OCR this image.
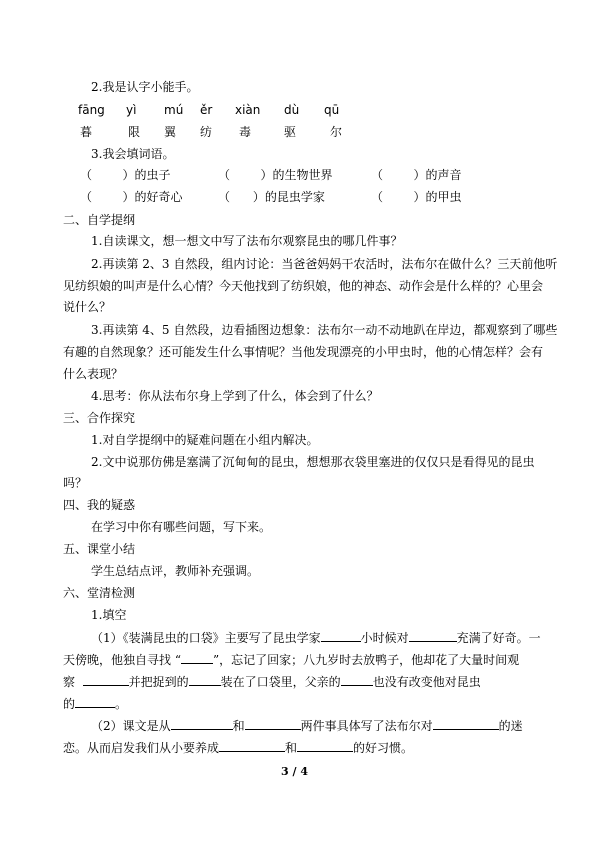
2.我是认字小能手。
fāng yì mú ěr xiàn dù qū
暮	限 翼 纺 毒	驱	尔
3.我会填词语。
（        ）的虫子	（        ）的生物世界	（        ）的声音
（        ）的好奇心	（      ）的昆虫学家	（        ）的甲虫
二、自学提纲
1.自读课文，想一想文中写了法布尔观察昆虫的哪几件事？
2.再读第 2、3 自然段，组内讨论：当爸爸妈妈干农活时，法布尔在做什么？三天前他听
见纺织娘的叫声是什么心情？今天他找到了纺织娘，他的神态、动作会是什么样的？心里会
说什么？
3.再读第 4、5 自然段，边看插图边想象：法布尔一动不动地趴在岸边，都观察到了哪些
有趣的自然现象？还可能发生什么事情呢？当他发现漂亮的小甲虫时，他的心情怎样？会有
什么表现？
4.思考：你从法布尔身上学到了什么，体会到了什么？
三、合作探究
1.对自学提纲中的疑难问题在小组内解决。
2.文中说那仿佛是塞满了沉甸甸的昆虫，想想那衣袋里塞进的仅仅只是看得见的昆虫
吗？
四、我的疑惑
在学习中你有哪些问题，写下来。
五、课堂小结
学生总结点评，教师补充强调。
六、堂清检测
1.填空
（1）《装满昆虫的口袋》主要写了昆虫学家	小时候对	充满了好奇。一
天傍晚，他独自寻找 “	”，忘记了回家；八九岁时去放鸭子，他却花了大量时间观
察	并把捉到的	装在了口袋里，父亲的	也没有改变他对昆虫
的	。
（2）课文是从	和	两件事具体写了法布尔对	的迷
恋。从而启发我们从小要养成	和	的好习惯。
3 / 4
